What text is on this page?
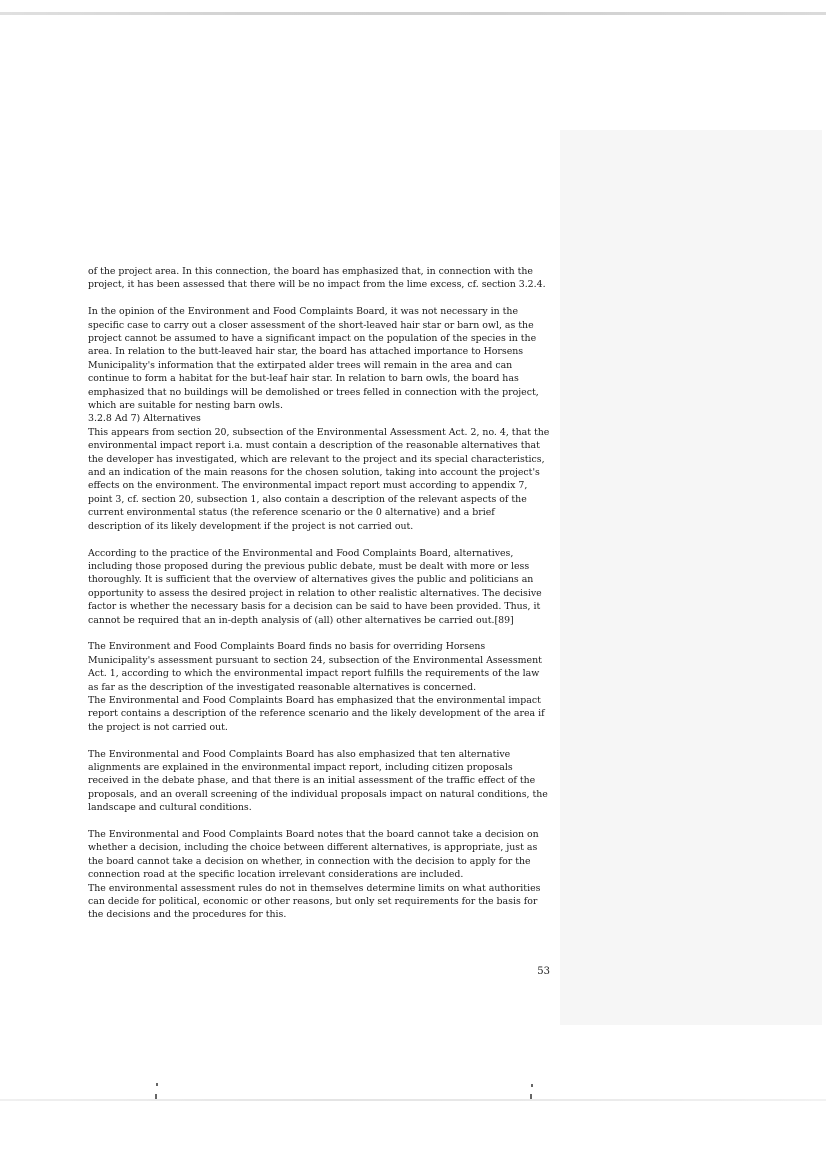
of the project area. In this connection, the board has emphasized that, in connection with the project, it has been assessed that there will be no impact from the lime excess, cf. section 3.2.4.

In the opinion of the Environment and Food Complaints Board, it was not necessary in the specific case to carry out a closer assessment of the short-leaved hair star or barn owl, as the project cannot be assumed to have a significant impact on the population of the species in the area. In relation to the butt-leaved hair star, the board has attached importance to Horsens Municipality's information that the extirpated alder trees will remain in the area and can continue to form a habitat for the but-leaf hair star. In relation to barn owls, the board has emphasized that no buildings will be demolished or trees felled in connection with the project, which are suitable for nesting barn owls.

3.2.8 Ad 7) Alternatives

This appears from section 20, subsection of the Environmental Assessment Act. 2, no. 4, that the environmental impact report i.a. must contain a description of the reasonable alternatives that the developer has investigated, which are relevant to the project and its special characteristics, and an indication of the main reasons for the chosen solution, taking into account the project's effects on the environment. The environmental impact report must according to appendix 7, point 3, cf. section 20, subsection 1, also contain a description of the relevant aspects of the current environmental status (the reference scenario or the 0 alternative) and a brief description of its likely development if the project is not carried out.

According to the practice of the Environmental and Food Complaints Board, alternatives, including those proposed during the previous public debate, must be dealt with more or less thoroughly. It is sufficient that the overview of alternatives gives the public and politicians an opportunity to assess the desired project in relation to other realistic alternatives. The decisive factor is whether the necessary basis for a decision can be said to have been provided. Thus, it cannot be required that an in-depth analysis of (all) other alternatives be carried out.[89]

The Environment and Food Complaints Board finds no basis for overriding Horsens Municipality's assessment pursuant to section 24, subsection of the Environmental Assessment Act. 1, according to which the environmental impact report fulfills the requirements of the law as far as the description of the investigated reasonable alternatives is concerned.

The Environmental and Food Complaints Board has emphasized that the environmental impact report contains a description of the reference scenario and the likely development of the area if the project is not carried out.

The Environmental and Food Complaints Board has also emphasized that ten alternative alignments are explained in the environmental impact report, including citizen proposals received in the debate phase, and that there is an initial assessment of the traffic effect of the proposals, and an overall screening of the individual proposals impact on natural conditions, the landscape and cultural conditions.

The Environmental and Food Complaints Board notes that the board cannot take a decision on whether a decision, including the choice between different alternatives, is appropriate, just as the board cannot take a decision on whether, in connection with the decision to apply for the connection road at the specific location irrelevant considerations are included.

The environmental assessment rules do not in themselves determine limits on what authorities can decide for political, economic or other reasons, but only set requirements for the basis for the decisions and the procedures for this.

53
